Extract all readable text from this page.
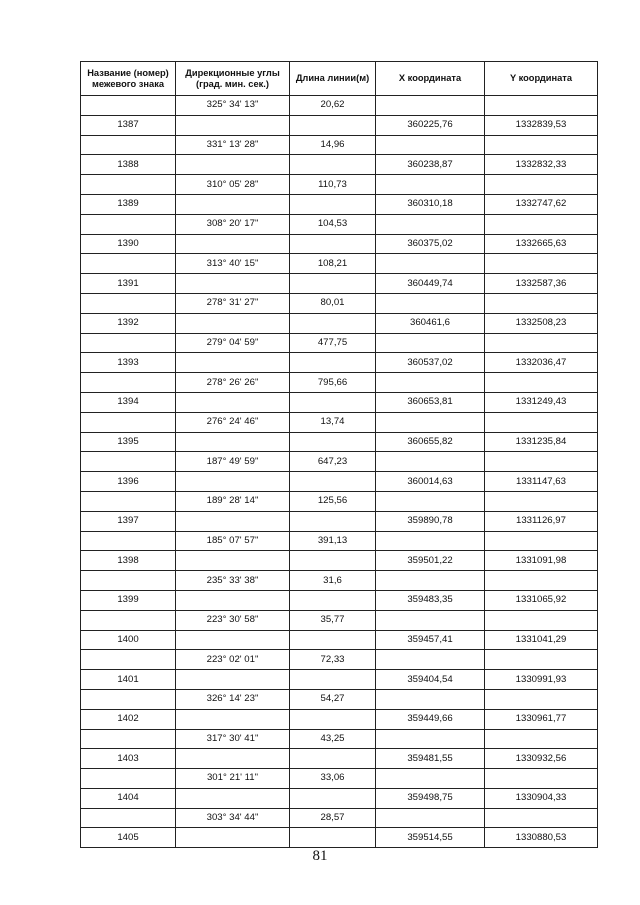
Название (номер) межевого знака	Дирекционные углы (град. мин. сек.)	Длина линии(м)	X координата	Y координата
	325° 34' 13"	20,62		
1387			360225,76	1332839,53
	331° 13' 28"	14,96		
1388			360238,87	1332832,33
	310° 05' 28"	110,73		
1389			360310,18	1332747,62
	308° 20' 17"	104,53		
1390			360375,02	1332665,63
	313° 40' 15"	108,21		
1391			360449,74	1332587,36
	278° 31' 27"	80,01		
1392			360461,6	1332508,23
	279° 04' 59"	477,75		
1393			360537,02	1332036,47
	278° 26' 26"	795,66		
1394			360653,81	1331249,43
	276° 24' 46"	13,74		
1395			360655,82	1331235,84
	187° 49' 59"	647,23		
1396			360014,63	1331147,63
	189° 28' 14"	125,56		
1397			359890,78	1331126,97
	185° 07' 57"	391,13		
1398			359501,22	1331091,98
	235° 33' 38"	31,6		
1399			359483,35	1331065,92
	223° 30' 58"	35,77		
1400			359457,41	1331041,29
	223° 02' 01"	72,33		
1401			359404,54	1330991,93
	326° 14' 23"	54,27		
1402			359449,66	1330961,77
	317° 30' 41"	43,25		
1403			359481,55	1330932,56
	301° 21' 11"	33,06		
1404			359498,75	1330904,33
	303° 34' 44"	28,57		
1405			359514,55	1330880,53
81
